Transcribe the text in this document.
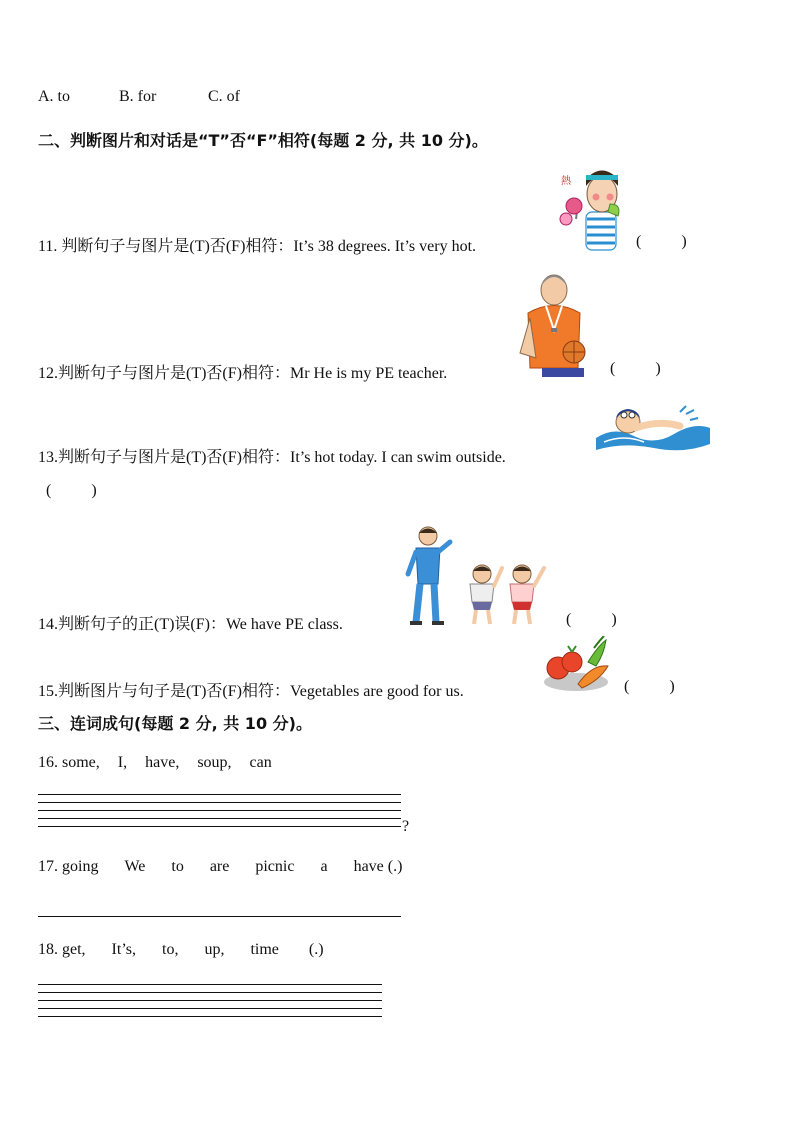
A. to	B. for	C. of
二、判断图片和对话是“T”否“F”相符(每题 2 分, 共 10 分)。
11. 判断句子与图片是(T)否(F)相符：It’s 38 degrees. It’s very hot.	(          )
熱
12.判断句子与图片是(T)否(F)相符：Mr He is my PE teacher.	(          )
13.判断句子与图片是(T)否(F)相符：It’s hot today. I can swim outside.
(          )
14.判断句子的正(T)误(F)：We have PE class.	(          )
15.判断图片与句子是(T)否(F)相符：Vegetables are good for us.	(          )
三、连词成句(每题 2 分, 共 10 分)。
16. some, I, have, soup, can
?
17. going We to are picnic a have (.)
18. get, It’s, to, up, time (.)
